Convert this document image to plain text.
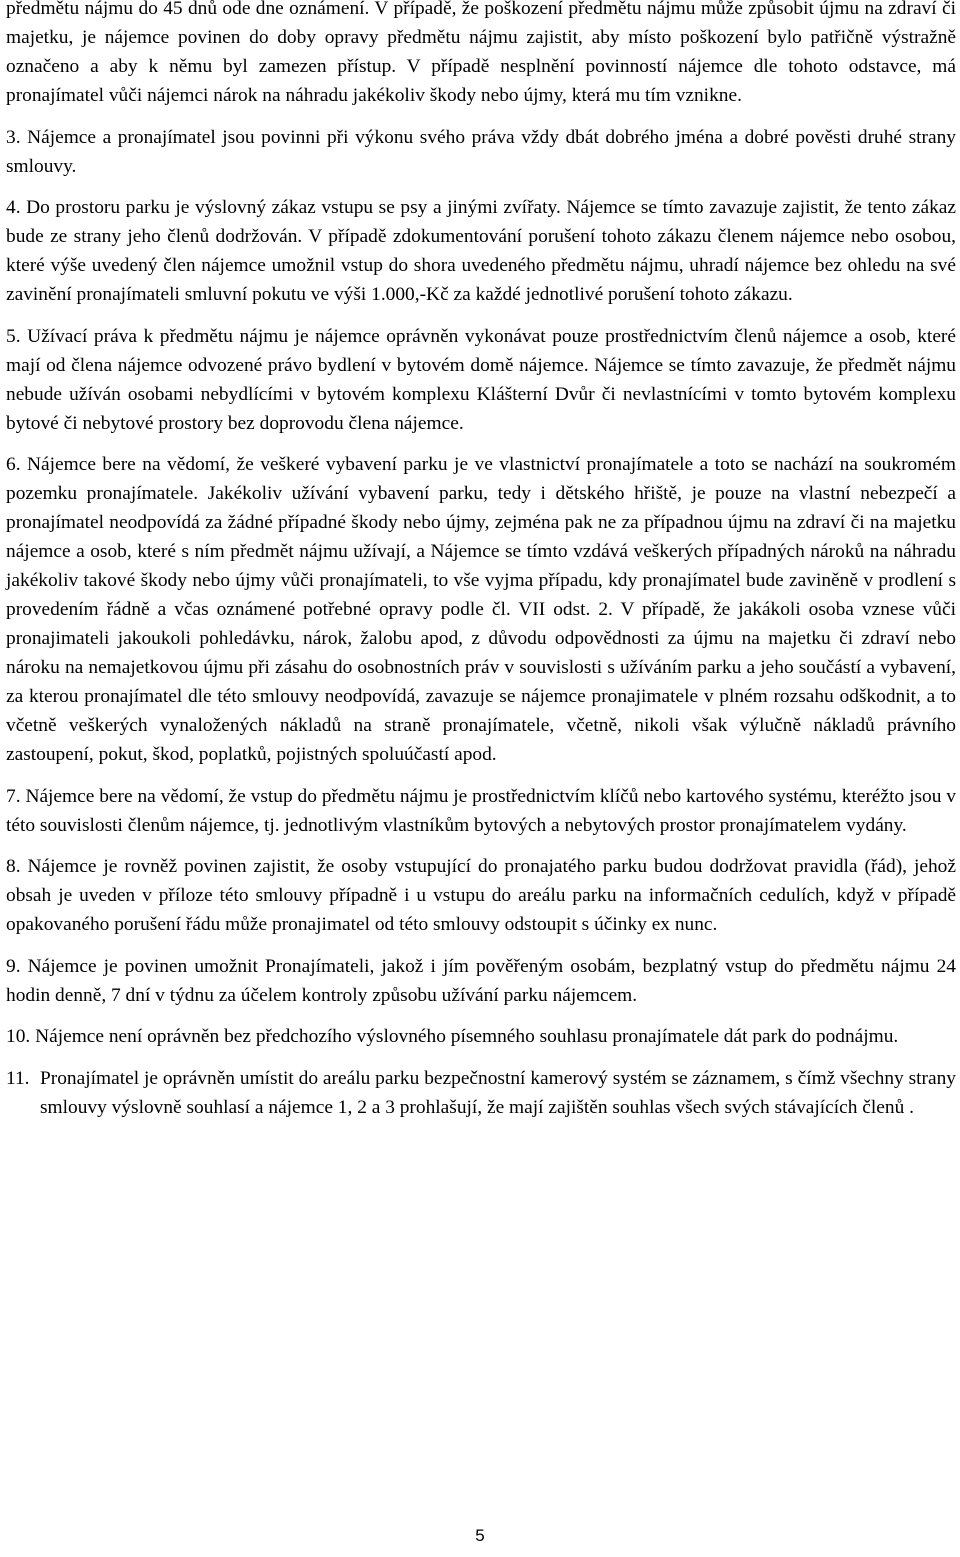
předmětu nájmu do 45 dnů ode dne oznámení. V případě, že poškození předmětu nájmu může způsobit újmu na zdraví či majetku, je nájemce povinen do doby opravy předmětu nájmu zajistit, aby místo poškození bylo patřičně výstražně označeno a aby k němu byl zamezen přístup. V případě nesplnění povinností nájemce dle tohoto odstavce, má pronajímatel vůči nájemci nárok na náhradu jakékoliv škody nebo újmy, která mu tím vznikne.

3. Nájemce a pronajímatel jsou povinni při výkonu svého práva vždy dbát dobrého jména a dobré pověsti druhé strany smlouvy.

4. Do prostoru parku je výslovný zákaz vstupu se psy a jinými zvířaty. Nájemce se tímto zavazuje zajistit, že tento zákaz bude ze strany jeho členů dodržován. V případě zdokumentování porušení tohoto zákazu členem nájemce nebo osobou, které výše uvedený člen nájemce umožnil vstup do shora uvedeného předmětu nájmu, uhradí nájemce bez ohledu na své zavinění pronajímateli smluvní pokutu ve výši 1.000,-Kč za každé jednotlivé porušení tohoto zákazu.

5. Užívací práva k předmětu nájmu je nájemce oprávněn vykonávat pouze prostřednictvím členů nájemce a osob, které mají od člena nájemce odvozené právo bydlení v bytovém domě nájemce. Nájemce se tímto zavazuje, že předmět nájmu nebude užíván osobami nebydlícími v bytovém komplexu Klášterní Dvůr či nevlastnícími v tomto bytovém komplexu bytové či nebytové prostory bez doprovodu člena nájemce.

6. Nájemce bere na vědomí, že veškeré vybavení parku je ve vlastnictví pronajímatele a toto se nachází na soukromém pozemku pronajímatele. Jakékoliv užívání vybavení parku, tedy i dětského hřiště, je pouze na vlastní nebezpečí a pronajímatel neodpovídá za žádné případné škody nebo újmy, zejména pak ne za případnou újmu na zdraví či na majetku nájemce a osob, které s ním předmět nájmu užívají, a Nájemce se tímto vzdává veškerých případných nároků na náhradu jakékoliv takové škody nebo újmy vůči pronajímateli, to vše vyjma případu, kdy pronajímatel bude zaviněně v prodlení s provedením řádně a včas oznámené potřebné opravy podle čl. VII odst. 2. V případě, že jakákoli osoba vznese vůči pronajimateli jakoukoli pohledávku, nárok, žalobu apod, z důvodu odpovědnosti za újmu na majetku či zdraví nebo nároku na nemajetkovou újmu při zásahu do osobnostních práv v souvislosti s užíváním parku a jeho součástí a vybavení, za kterou pronajímatel dle této smlouvy neodpovídá, zavazuje se nájemce pronajimatele v plném rozsahu odškodnit, a to včetně veškerých vynaložených nákladů na straně pronajímatele, včetně, nikoli však výlučně nákladů právního zastoupení, pokut, škod, poplatků, pojistných spoluúčastí apod.

7. Nájemce bere na vědomí, že vstup do předmětu nájmu je prostřednictvím klíčů nebo kartového systému, kteréžto jsou v této souvislosti členům nájemce, tj. jednotlivým vlastníkům bytových a nebytových prostor pronajímatelem vydány.

8. Nájemce je rovněž povinen zajistit, že osoby vstupující do pronajatého parku budou dodržovat pravidla (řád), jehož obsah je uveden v příloze této smlouvy případně i u vstupu do areálu parku na informačních cedulích, když v případě opakovaného porušení řádu může pronajimatel od této smlouvy odstoupit s účinky ex nunc.

9. Nájemce je povinen umožnit Pronajímateli, jakož i jím pověřeným osobám, bezplatný vstup do předmětu nájmu 24 hodin denně, 7 dní v týdnu za účelem kontroly způsobu užívání parku nájemcem.

10. Nájemce není oprávněn bez předchozího výslovného písemného souhlasu pronajímatele dát park do podnájmu.

11. Pronajímatel je oprávněn umístit do areálu parku bezpečnostní kamerový systém se záznamem, s čímž všechny strany smlouvy výslovně souhlasí a nájemce 1, 2 a 3 prohlašují, že mají zajištěn souhlas všech svých stávajících členů .
5
